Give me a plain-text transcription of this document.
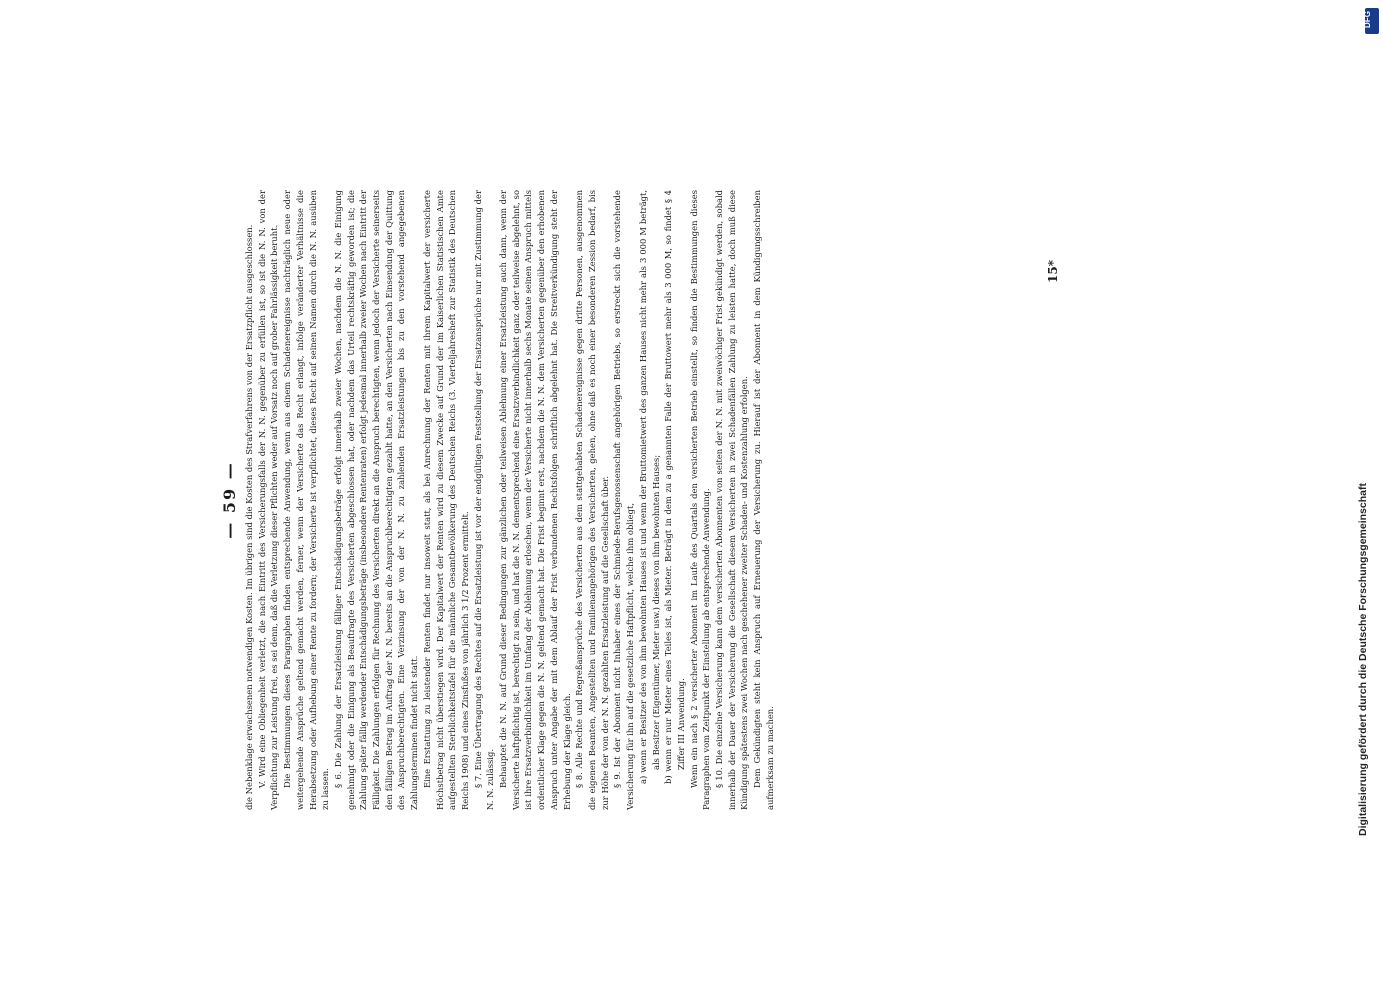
— 59 — die Nebenklage erwachsenen notwendigen Kosten. Im übrigen sind die Kosten des Strafverfahrens von der Ersatzpflicht ausgeschlossen. V. Wird eine Obliegenheit verletzt, die nach Eintritt des Versicherungsfalls der N. N. gegenüber zu erfüllen ist, so ist die N. N. von der Verpflichtung zur Leistung frei, es sei denn, daß die Verletzung dieser Pflichten weder auf Vorsatz noch auf grober Fahrlässigkeit beruht. Die Bestimmungen dieses Paragraphen finden entsprechende Anwendung, wenn aus einem Schadenereignisse nachträglich neue oder weitergehende Ansprüche geltend gemacht werden, ferner, wenn der Versicherte das Recht erlangt, infolge veränderter Verhältnisse die Herabsetzung oder Aufhebung einer Rente zu fordern; der Versicherte ist verpflichtet, dieses Recht auf seinen Namen durch die N. N. ausüben zu lassen.

§ 6. Die Zahlung der Ersatzleistung fälliger Entschädigungsbeträge erfolgt innerhalb zweier Wochen, nachdem die N. N. die Einigung genehmigt oder die Einigung als Beauftragte des Versicherten abgeschlossen hat, oder nachdem das Urteil rechtskräftig geworden ist; die Zahlung später fällig werdender Entschädigungsbeträge (insbesondere Rentenraten) erfolgt jedesmal innerhalb zweier Wochen nach Eintritt der Fälligkeit. Die Zahlungen erfolgen für Rechnung des Versicherten direkt an die Anspruch berechtigten, wenn jedoch der Versicherte seinerseits den fälligen Betrag im Auftrag der N. N. bereits an die Anspruchberechtigten gezahlt hatte, an den Versicherten nach Einsendung der Quittung des Anspruchberechtigten. Eine Verzinsung der von der N. N. zu zahlenden Ersatzleistungen bis zu den vorstehend angegebenen Zahlungsterminen findet nicht statt. Eine Erstattung zu leistender Renten findet nur insoweit statt, als bei Anrechnung der Renten mit ihrem Kapitalwert der versicherte Höchstbetrag nicht überstiegen wird. Der Kapitalwert der Renten wird zu diesem Zwecke auf Grund der im Kaiserlichen Statistischen Amte aufgestellten Sterblichkeitstafel für die männliche Gesamtbevölkerung des Deutschen Reichs (3. Vierteljahresheft zur Statistik des Deutschen Reichs 1908) und eines Zinsfußes von jährlich 3 1/2 Prozent ermittelt. § 7. Eine Übertragung des Rechtes auf die Ersatzleistung ist vor der endgültigen Feststellung der Ersatzansprüche nur mit Zustimmung der N. N. zulässig. Behauptet die N. N. auf Grund dieser Bedingungen zur gänzlichen oder teilweisen Ablehnung einer Ersatzleistung auch dann, wenn der Versicherte haftpflichtig ist, berechtigt zu sein, und hat die N. N. dementsprechend eine Ersatzverbindlichkeit ganz oder teilweise abgelehnt, so ist ihre Ersatzverbindlichkeit im Umfang der Ablehnung erloschen, wenn der Versicherte nicht innerhalb sechs Monate seinen Anspruch mittels ordentlicher Klage gegen die N. N. geltend gemacht hat. Die Frist beginnt erst, nachdem die N. N. dem Versicherten gegenüber den erhobenen Anspruch unter Angabe der mit dem Ablauf der Frist verbundenen Rechtsfolgen schriftlich abgelehnt hat. Die Streitverkündigung steht der Erhebung der Klage gleich. § 8. Alle Rechte und Regreßansprüche des Versicherten aus dem stattgehabten Schadenereignisse gegen dritte Personen, ausgenommen die eigenen Beamten, Angestellten und Familienangehörigen des Versicherten, gehen, ohne daß es noch einer besonderen Zession bedarf, bis zur Höhe der von der N. N. gezahlten Ersatzleistung auf die Gesellschaft über. § 9. Ist der Abonnent nicht Inhaber eines der Schmiede-Berufsgenossenschaft angehörigen Betriebs, so erstreckt sich die vorstehende Versicherung für ihn auf die gesetzliche Haftpflicht, welche ihm obliegt, a) wenn er Besitzer des von ihm bewohnten Hauses ist und wenn der Bruttomietwert des ganzen Hauses nicht mehr als 3 000 M beträgt, als Besitzer (Eigentümer, Mieter usw.) dieses von ihm bewohnten Hauses; b) wenn er nur Mieter eines Teiles ist, als Mieter. Beträgt in dem zu a genannten Falle der Bruttowert mehr als 3 000 M, so findet § 4 Ziffer III Anwendung. Wenn ein nach § 2 versicherter Abonnent im Laufe des Quartals den versicherten Betrieb einstellt, so finden die Bestimmungen dieses Paragraphen vom Zeitpunkt der Einstellung ab entsprechende Anwendung. § 10. Die einzelne Versicherung kann dem versicherten Abonnenten von seiten der N. N. mit zweiwöchiger Frist gekündigt werden, sobald innerhalb der Dauer der Versicherung die Gesellschaft diesem Versicherten in zwei Schadenfällen Zahlung zu leisten hatte, doch muß diese Kündigung spätestens zwei Wochen nach geschehener zweiter Schaden- und Kostenzahlung erfolgen. Dem Gekündigten steht kein Anspruch auf Erneuerung der Versicherung zu. Hierauf ist der Abonnent in dem Kündigungsschreiben aufmerksam zu machen.

15*
DFG
Digitalisierung gefördert durch die Deutsche Forschungsgemeinschaft
